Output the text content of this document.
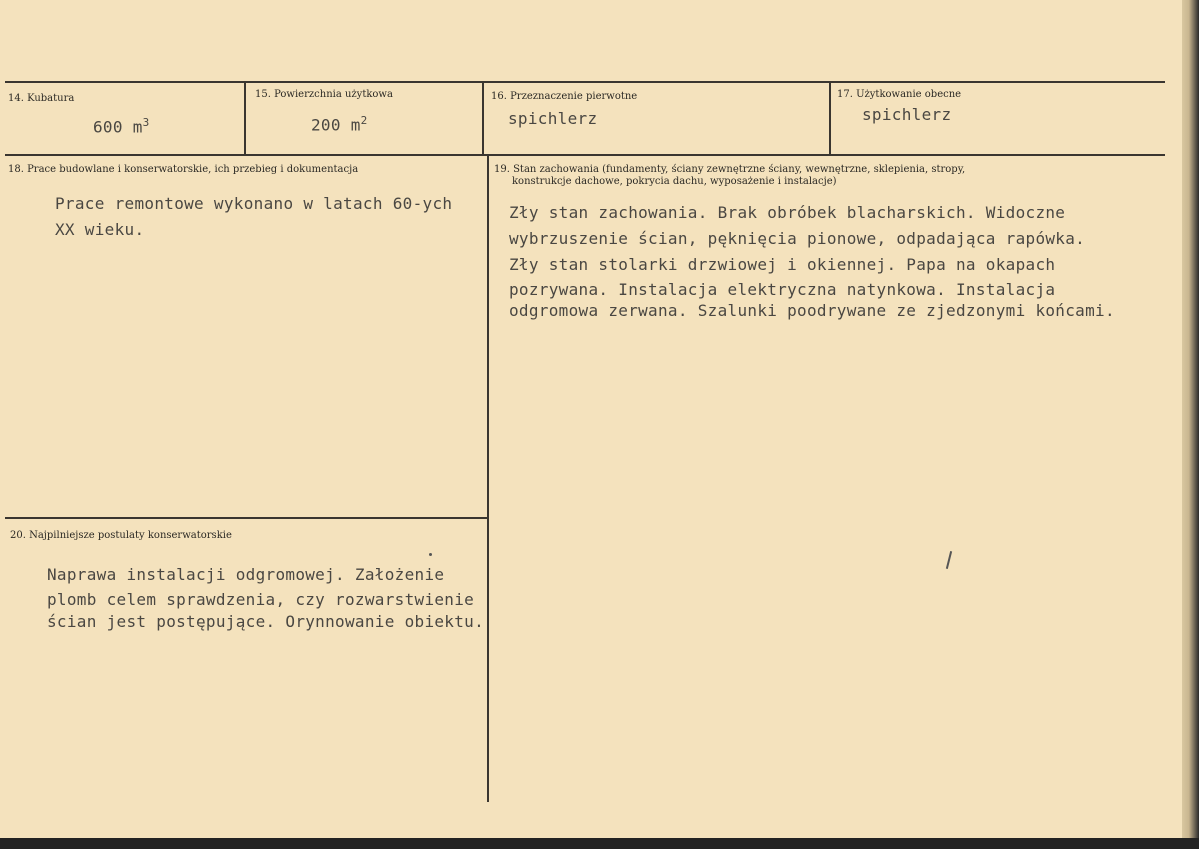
14. Kubatura
600 $m^3$
15. Powierzchnia użytkowa
200 $m^2$
16. Przeznaczenie pierwotne
spichlerz
17. Użytkowanie obecne
spichlerz
18. Prace budowlane i konserwatorskie, ich przebieg i dokumentacja
Prace remontowe wykonano w latach 60-ych
XX wieku.
19. Stan zachowania (fundamenty, ściany zewnętrzne ściany, wewnętrzne, sklepienia, stropy,
konstrukcje dachowe, pokrycia dachu, wyposażenie i instalacje)
Zły stan zachowania. Brak obróbek blacharskich. Widoczne
wybrzuszenie ścian, pęknięcia pionowe, odpadająca rapówka.
Zły stan stolarki drzwiowej i okiennej. Papa na okapach
pozrywana. Instalacja elektryczna natynkowa. Instalacja
odgromowa zerwana. Szalunki poodrywane ze zjedzonymi końcami.
20. Najpilniejsze postulaty konserwatorskie
Naprawa instalacji odgromowej. Założenie
plomb celem sprawdzenia, czy rozwarstwienie
ścian jest postępujące. Orynnowanie obiektu.
